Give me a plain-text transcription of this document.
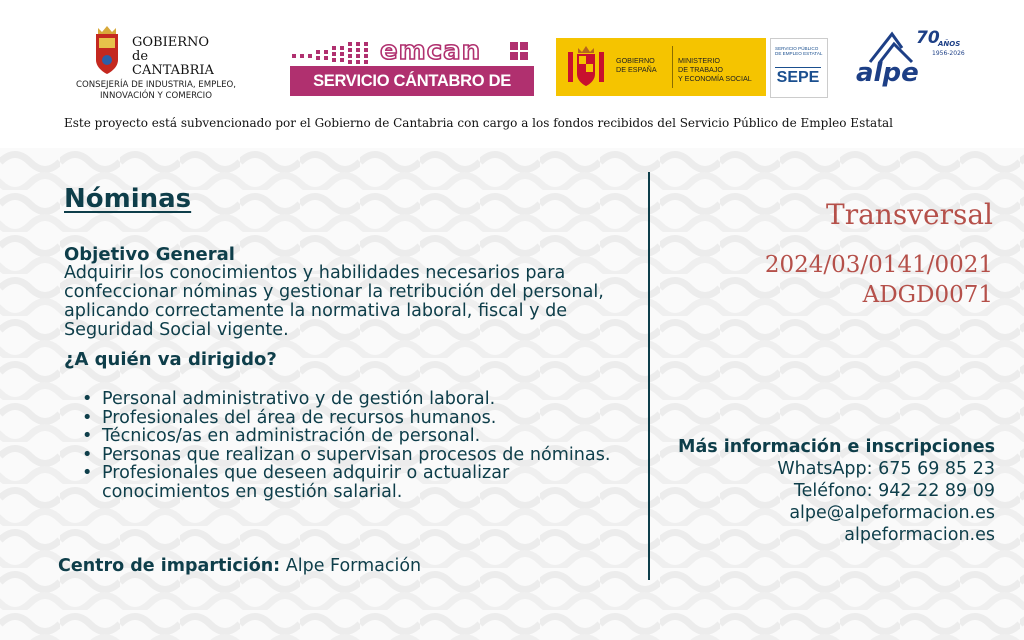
GOBIERNO
de
CANTABRIA
CONSEJERÍA DE INDUSTRIA, EMPLEO,
INNOVACIÓN Y COMERCIO
emcan
SERVICIO CÁNTABRO DE EMPLEO
GOBIERNO
DE ESPAÑA
MINISTERIO
DE TRABAJO
Y ECONOMÍA SOCIAL
SERVICIO PÚBLICO
DE EMPLEO ESTATAL
SEPE
70
AÑOS
1956-2026
alpe
Este proyecto está subvencionado por el Gobierno de Cantabria con cargo a los fondos recibidos del Servicio Público de Empleo Estatal
Nóminas
Objetivo General
Adquirir los conocimientos y habilidades necesarios para confeccionar nóminas y gestionar la retribución del personal, aplicando correctamente la normativa laboral, fiscal y de Seguridad Social vigente.
¿A quién va dirigido?
• Personal administrativo y de gestión laboral.
• Profesionales del área de recursos humanos.
• Técnicos/as en administración de personal.
• Personas que realizan o supervisan procesos de nóminas.
• Profesionales que deseen adquirir o actualizar conocimientos en gestión salarial.
Centro de impartición: Alpe Formación
Transversal
2024/03/0141/0021
ADGD0071
Más información e inscripciones
WhatsApp: 675 69 85 23
Teléfono: 942 22 89 09
alpe@alpeformacion.es
alpeformacion.es
